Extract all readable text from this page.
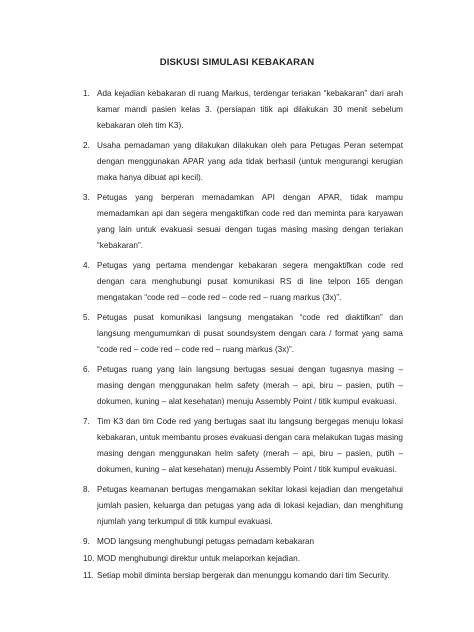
DISKUSI SIMULASI KEBAKARAN
1. Ada kejadian kebakaran di ruang Markus, terdengar teriakan “kebakaran” dari arah kamar mandi pasien kelas 3. (persiapan titik api dilakukan 30 menit sebelum kebakaran oleh tim K3).
2. Usaha pemadaman yang dilakukan dilakukan oleh para Petugas Peran setempat dengan menggunakan APAR yang ada tidak berhasil (untuk mengurangi kerugian maka hanya dibuat api kecil).
3. Petugas yang berperan memadamkan API dengan APAR, tidak mampu memadamkan api dan segera mengaktifkan code red dan meminta para karyawan yang lain untuk evakuasi sesuai dengan tugas masing masing dengan teriakan “kebakaran”.
4. Petugas yang pertama mendengar kebakaran segera mengaktifkan code red dengan cara menghubungi pusat komunikasi RS di line telpon 165 dengan mengatakan “code red – code red – code red – ruang markus (3x)”.
5. Petugas pusat komunikasi langsung mengatakan “code red diaktifkan” dan langsung mengumumkan di pusat soundsystem dengan cara / format yang sama “code red – code red – code red – ruang markus (3x)”.
6. Petugas ruang yang lain langsung bertugas sesuai dengan tugasnya masing – masing dengan menggunakan helm safety (merah – api, biru – pasien, putih – dokumen, kuning – alat kesehatan) menuju Assembly Point / titik kumpul evakuasi.
7. Tim K3 dan tim Code red yang bertugas saat itu langsung bergegas menuju lokasi kebakaran, untuk membantu proses evakuasi dengan cara melakukan tugas masing masing dengan menggunakan helm safety (merah – api, biru – pasien, putih – dokumen, kuning – alat kesehatan) menuju Assembly Point / titik kumpul evakuasi.
8. Petugas keamanan bertugas mengamakan sekitar lokasi kejadian dan mengetahui jumlah pasien, keluarga dan petugas yang ada di lokasi kejadian, dan menghitung njumlah yang terkumpul di titik kumpul evakuasi.
9. MOD langsung menghubungi petugas pemadam kebakaran
10. MOD menghubungi direktur untuk melaporkan kejadian.
11. Setiap mobil diminta bersiap bergerak dan menunggu komando dari tim Security.
